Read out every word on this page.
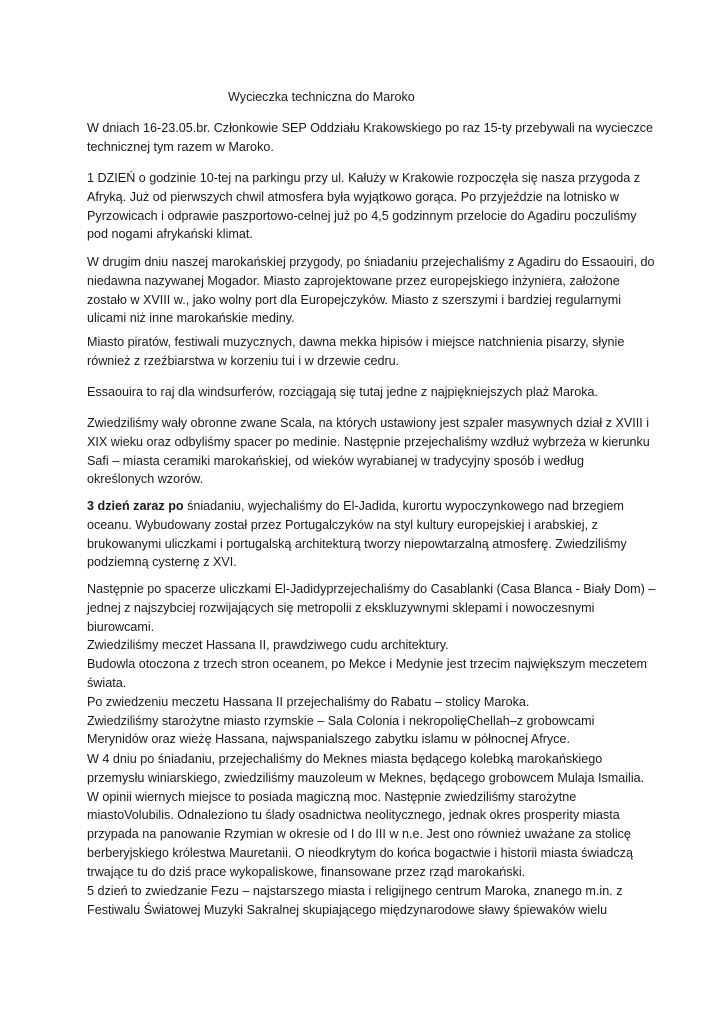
Wycieczka techniczna do Maroko

W dniach 16-23.05.br. Członkowie SEP Oddziału Krakowskiego po raz 15-ty przebywali na wycieczce
technicznej tym razem w Maroko.

1 DZIEŃ o godzinie 10-tej na parkingu przy ul. Kałuży w Krakowie rozpoczęła się nasza przygoda z
Afryką. Już od pierwszych chwil atmosfera była wyjątkowo gorąca. Po przyjeździe na lotnisko w
Pyrzowicach i odprawie paszportowo-celnej już po 4,5 godzinnym przelocie do Agadiru poczuliśmy
pod nogami afrykański klimat.

W drugim dniu naszej marokańskiej przygody, po śniadaniu przejechaliśmy z Agadiru do Essaouiri, do
niedawna nazywanej Mogador. Miasto zaprojektowane przez europejskiego inżyniera, założone
zostało w XVIII w., jako wolny port dla Europejczyków. Miasto z szerszymi i bardziej regularnymi
ulicami niż inne marokańskie mediny.

Miasto piratów, festiwali muzycznych, dawna mekka hipisów i miejsce natchnienia pisarzy, słynie
również z rzeźbiarstwa w korzeniu tui i w drzewie cedru.

Essaouira to raj dla windsurferów, rozciągają się tutaj jedne z najpiękniejszych plaż Maroka.

Zwiedziliśmy wały obronne zwane Scala, na których ustawiony jest szpaler masywnych dział z XVIII i
XIX wieku oraz odbyliśmy spacer po medinie. Następnie przejechaliśmy wzdłuż wybrzeża w kierunku
Safi – miasta ceramiki marokańskiej, od wieków wyrabianej w tradycyjny sposób i według
określonych wzorów.

3 dzień zaraz po śniadaniu, wyjechaliśmy do El-Jadida, kurortu wypoczynkowego nad brzegiem
oceanu. Wybudowany został przez Portugalczyków na styl kultury europejskiej i arabskiej, z
brukowanymi uliczkami i portugalską architekturą tworzy niepowtarzalną atmosferę. Zwiedziliśmy
podziemną cysternę z XVI.

Następnie po spacerze uliczkami El-Jadidyprzejechaliśmy do Casablanki (Casa Blanca - Biały Dom) –
jednej z najszybciej rozwijających się metropolii z ekskluzywnymi sklepami i nowoczesnymi
biurowcami.
Zwiedziliśmy meczet Hassana II, prawdziwego cudu architektury.
Budowla otoczona z trzech stron oceanem, po Mekce i Medynie jest trzecim największym meczetem
świata.
Po zwiedzeniu meczetu Hassana II przejechaliśmy do Rabatu – stolicy Maroka.
Zwiedziliśmy starożytne miasto rzymskie – Sala Colonia i nekropolięChellah–z grobowcami
Merynidów oraz wieżę Hassana, najwspanialszego zabytku islamu w północnej Afryce.

W 4 dniu po śniadaniu, przejechaliśmy do Meknes miasta będącego kolebką marokańskiego
przemysłu winiarskiego, zwiedziliśmy mauzoleum w Meknes, będącego grobowcem Mulaja Ismailia.
W opinii wiernych miejsce to posiada magiczną moc. Następnie zwiedziliśmy starożytne
miastoVolubilis. Odnaleziono tu ślady osadnictwa neolitycznego, jednak okres prosperity miasta
przypada na panowanie Rzymian w okresie od I do III w n.e. Jest ono również uważane za stolicę
berberyjskiego królestwa Mauretanii. O nieodkrytym do końca bogactwie i historii miasta świadczą
trwające tu do dziś prace wykopaliskowe, finansowane przez rząd marokański.

5 dzień to zwiedzanie Fezu – najstarszego miasta i religijnego centrum Maroka, znanego m.in. z
Festiwalu Światowej Muzyki Sakralnej skupiającego międzynarodowe sławy śpiewaków wielu
